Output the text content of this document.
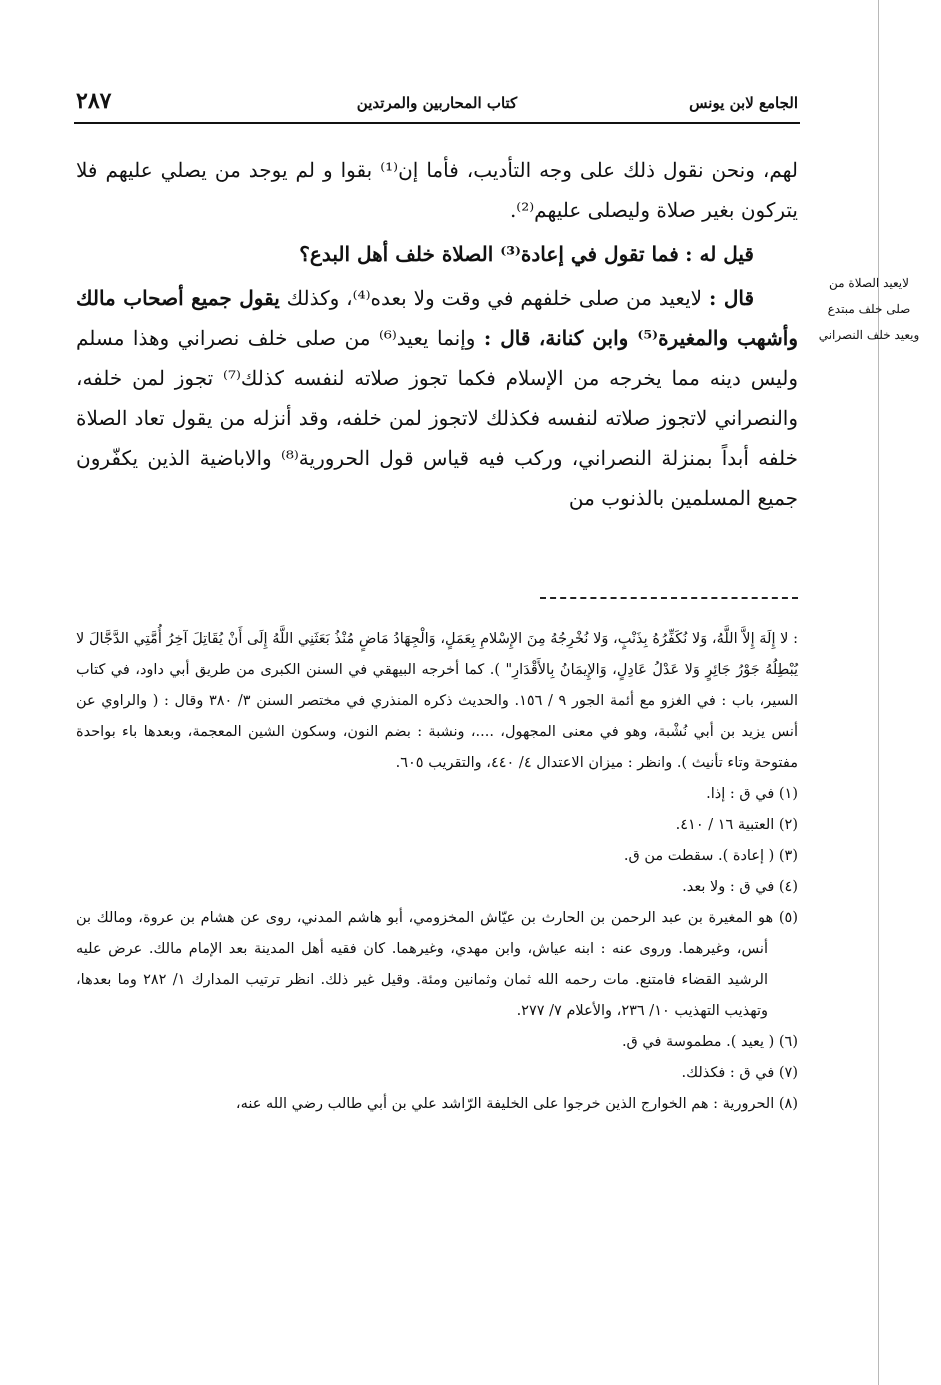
لايعيد الصلاة من
صلى خلف مبتدع
ويعيد خلف النصراني
الجامع لابن يونس
كتاب المحاربين والمرتدين
٢٨٧

لهم، ونحن نقول ذلك على وجه التأديب، فأما إن⁽¹⁾ بقوا و لم يوجد من يصلي عليهم فلا يتركون بغير صلاة وليصلى عليهم⁽²⁾.

قيل له : فما تقول في إعادة⁽³⁾ الصلاة خلف أهل البدع؟

قال : لايعيد من صلى خلفهم في وقت ولا بعده⁽⁴⁾، وكذلك يقول جميع أصحاب مالك وأشهب والمغيرة⁽⁵⁾ وابن كنانة، قال : وإنما يعيد⁽⁶⁾ من صلى خلف نصراني وهذا مسلم وليس دينه مما يخرجه من الإسلام فكما تجوز صلاته لنفسه كذلك⁽⁷⁾ تجوز لمن خلفه، والنصراني لاتجوز صلاته لنفسه فكذلك لاتجوز لمن خلفه، وقد أنزله من يقول تعاد الصلاة خلفه أبداً بمنزلة النصراني، وركب فيه قياس قول الحرورية⁽⁸⁾ والاباضية الذين يكفّرون جميع المسلمين بالذنوب من

: لا إِلَهَ إِلاَّ اللَّهُ، وَلا نُكَفِّرُهُ بِذَنْبٍ، وَلا نُخْرِجُهُ مِنَ الإِسْلامِ بِعَمَلٍ، وَالْجِهَادُ مَاضٍ مُنْذُ بَعَثَنِي اللَّهُ إِلَى أَنْ يُقَاتِلَ آخِرُ أُمَّتِي الدَّجَّالَ لا يُبْطِلُهُ جَوْرُ جَائِرٍ وَلا عَدْلُ عَادِلٍ، وَالإِيمَانُ بِالأَقْدَارِ" ). كما أخرجه البيهقي في السنن الكبرى من طريق أبي داود، في كتاب السير، باب : في الغزو مع أئمة الجور ٩ / ١٥٦. والحديث ذكره المنذري في مختصر السنن ٣/ ٣٨٠ وقال : ( والراوي عن أنس يزيد بن أبي نُشْبة، وهو في معنى المجهول، ....، ونشبة : بضم النون، وسكون الشين المعجمة، وبعدها باء بواحدة مفتوحة وتاء تأنيث ). وانظر : ميزان الاعتدال ٤/ ٤٤٠، والتقريب ٦٠٥.

(١) في ق : إذا.
(٢) العتبية ١٦ / ٤١٠.
(٣) ( إعادة ). سقطت من ق.
(٤) في ق : ولا بعد.
(٥) هو المغيرة بن عبد الرحمن بن الحارث بن عيّاش المخزومي، أبو هاشم المدني، روى عن هشام بن عروة، ومالك بن أنس، وغيرهما. وروى عنه : ابنه عياش، وابن مهدي، وغيرهما. كان فقيه أهل المدينة بعد الإمام مالك. عرض عليه الرشيد القضاء فامتنع. مات رحمه الله ثمان وثمانين ومئة. وقيل غير ذلك. انظر ترتيب المدارك ١/ ٢٨٢ وما بعدها، وتهذيب التهذيب ١٠/ ٢٣٦، والأعلام ٧/ ٢٧٧.
(٦) ( يعيد ). مطموسة في ق.
(٧) في ق : فكذلك.
(٨) الحرورية : هم الخوارج الذين خرجوا على الخليفة الرّاشد علي بن أبي طالب رضي الله عنه،
